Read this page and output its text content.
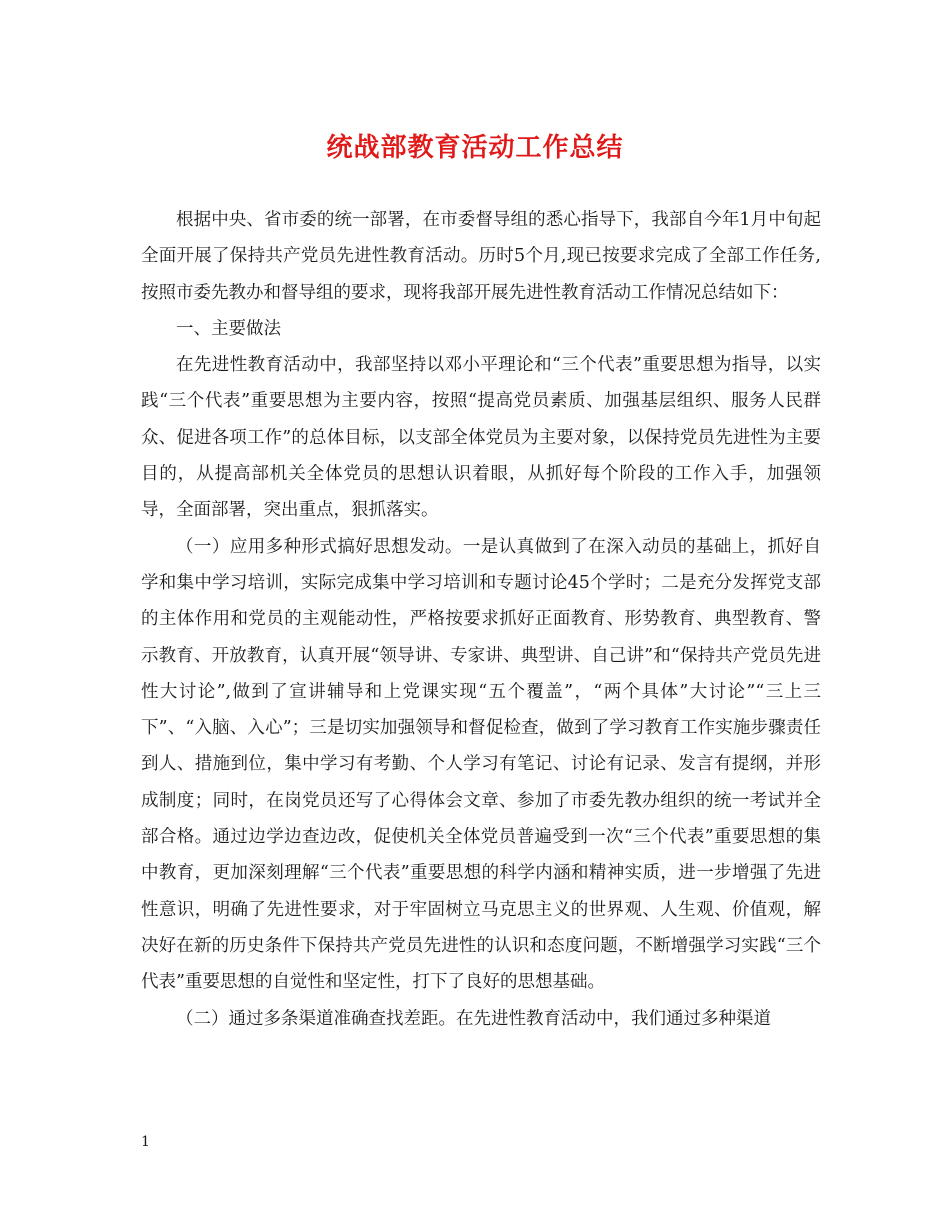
统战部教育活动工作总结

根据中央、省市委的统一部署，在市委督导组的悉心指导下，我部自今年1月中旬起全面开展了保持共产党员先进性教育活动。历时5个月,现已按要求完成了全部工作任务,按照市委先教办和督导组的要求，现将我部开展先进性教育活动工作情况总结如下：

一、主要做法

在先进性教育活动中，我部坚持以邓小平理论和“三个代表”重要思想为指导，以实践“三个代表”重要思想为主要内容，按照“提高党员素质、加强基层组织、服务人民群众、促进各项工作”的总体目标，以支部全体党员为主要对象，以保持党员先进性为主要目的，从提高部机关全体党员的思想认识着眼，从抓好每个阶段的工作入手，加强领导，全面部署，突出重点，狠抓落实。

（一）应用多种形式搞好思想发动。一是认真做到了在深入动员的基础上，抓好自学和集中学习培训，实际完成集中学习培训和专题讨论45个学时；二是充分发挥党支部的主体作用和党员的主观能动性，严格按要求抓好正面教育、形势教育、典型教育、警示教育、开放教育，认真开展“领导讲、专家讲、典型讲、自己讲”和“保持共产党员先进性大讨论”,做到了宣讲辅导和上党课实现“五个覆盖”，“两个具体”大讨论”“三上三下”、“入脑、入心”；三是切实加强领导和督促检查，做到了学习教育工作实施步骤责任到人、措施到位，集中学习有考勤、个人学习有笔记、讨论有记录、发言有提纲，并形成制度；同时，在岗党员还写了心得体会文章、参加了市委先教办组织的统一考试并全部合格。通过边学边查边改，促使机关全体党员普遍受到一次“三个代表”重要思想的集中教育，更加深刻理解“三个代表”重要思想的科学内涵和精神实质，进一步增强了先进性意识，明确了先进性要求，对于牢固树立马克思主义的世界观、人生观、价值观，解决好在新的历史条件下保持共产党员先进性的认识和态度问题，不断增强学习实践“三个代表”重要思想的自觉性和坚定性，打下了良好的思想基础。

（二）通过多条渠道准确查找差距。在先进性教育活动中，我们通过多种渠道

1
